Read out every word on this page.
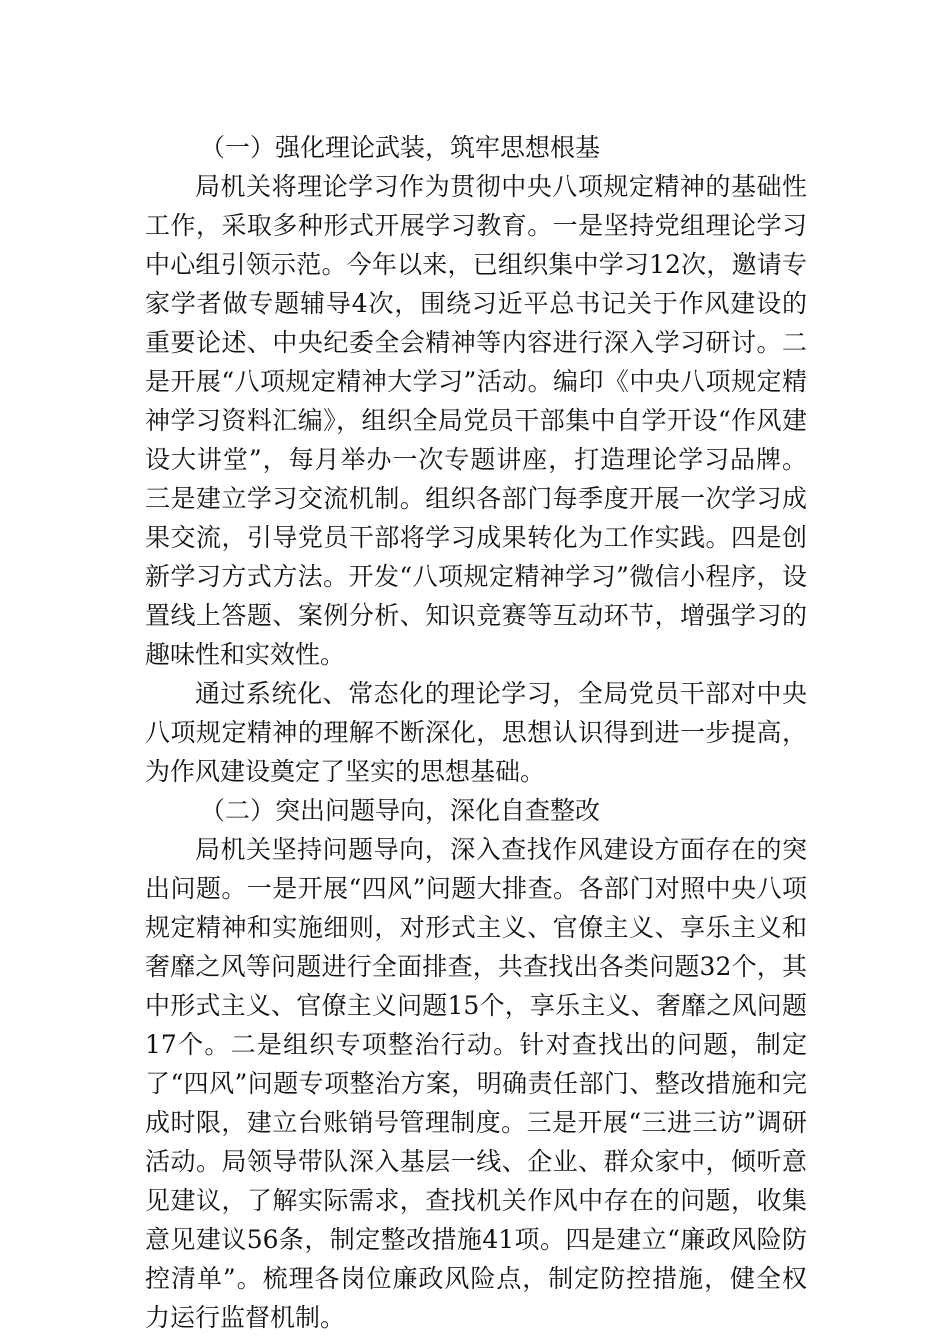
（一）强化理论武装，筑牢思想根基

局机关将理论学习作为贯彻中央八项规定精神的基础性工作，采取多种形式开展学习教育。一是坚持党组理论学习中心组引领示范。今年以来，已组织集中学习12次，邀请专家学者做专题辅导4次，围绕习近平总书记关于作风建设的重要论述、中央纪委全会精神等内容进行深入学习研讨。二是开展“八项规定精神大学习”活动。编印《中央八项规定精神学习资料汇编》，组织全局党员干部集中自学开设“作风建设大讲堂”，每月举办一次专题讲座，打造理论学习品牌。三是建立学习交流机制。组织各部门每季度开展一次学习成果交流，引导党员干部将学习成果转化为工作实践。四是创新学习方式方法。开发“八项规定精神学习”微信小程序，设置线上答题、案例分析、知识竞赛等互动环节，增强学习的趣味性和实效性。

通过系统化、常态化的理论学习，全局党员干部对中央八项规定精神的理解不断深化，思想认识得到进一步提高，为作风建设奠定了坚实的思想基础。

（二）突出问题导向，深化自查整改

局机关坚持问题导向，深入查找作风建设方面存在的突出问题。一是开展“四风”问题大排查。各部门对照中央八项规定精神和实施细则，对形式主义、官僚主义、享乐主义和奢靡之风等问题进行全面排查，共查找出各类问题32个，其中形式主义、官僚主义问题15个，享乐主义、奢靡之风问题17个。二是组织专项整治行动。针对查找出的问题，制定了“四风”问题专项整治方案，明确责任部门、整改措施和完成时限，建立台账销号管理制度。三是开展“三进三访”调研活动。局领导带队深入基层一线、企业、群众家中，倾听意见建议，了解实际需求，查找机关作风中存在的问题，收集意见建议56条，制定整改措施41项。四是建立“廉政风险防控清单”。梳理各岗位廉政风险点，制定防控措施，健全权力运行监督机制。
